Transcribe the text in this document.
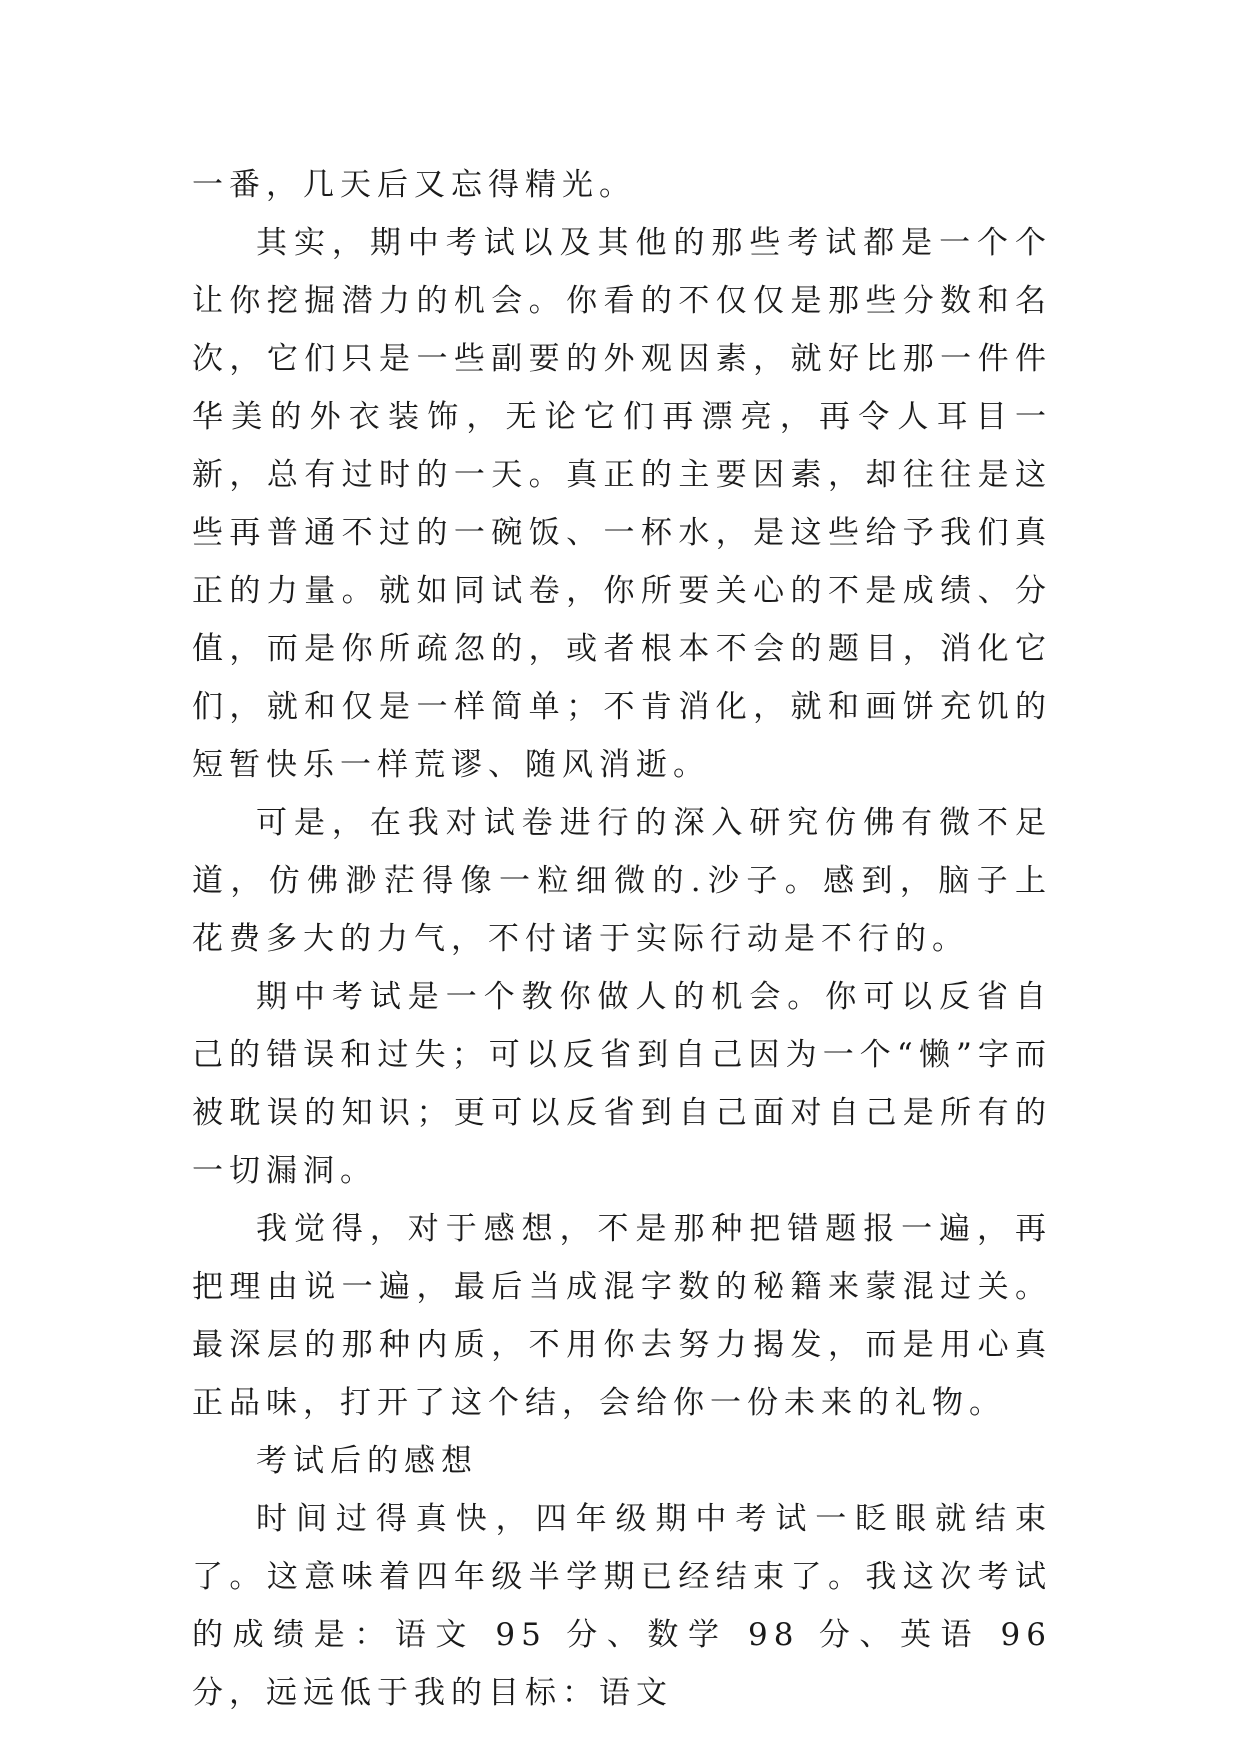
一番，几天后又忘得精光。

其实，期中考试以及其他的那些考试都是一个个让你挖掘潜力的机会。你看的不仅仅是那些分数和名次，它们只是一些副要的外观因素，就好比那一件件华美的外衣装饰，无论它们再漂亮，再令人耳目一新，总有过时的一天。真正的主要因素，却往往是这些再普通不过的一碗饭、一杯水，是这些给予我们真正的力量。就如同试卷，你所要关心的不是成绩、分值，而是你所疏忽的，或者根本不会的题目，消化它们，就和仅是一样简单；不肯消化，就和画饼充饥的短暂快乐一样荒谬、随风消逝。

可是，在我对试卷进行的深入研究仿佛有微不足道，仿佛渺茫得像一粒细微的.沙子。感到，脑子上花费多大的力气，不付诸于实际行动是不行的。

期中考试是一个教你做人的机会。你可以反省自己的错误和过失；可以反省到自己因为一个“懒”字而被耽误的知识；更可以反省到自己面对自己是所有的一切漏洞。

我觉得，对于感想，不是那种把错题报一遍，再把理由说一遍，最后当成混字数的秘籍来蒙混过关。最深层的那种内质，不用你去努力揭发，而是用心真正品味，打开了这个结，会给你一份未来的礼物。

考试后的感想

时间过得真快，四年级期中考试一眨眼就结束了。这意味着四年级半学期已经结束了。我这次考试的成绩是：语文 95 分、数学 98 分、英语 96 分，远远低于我的目标：语文
